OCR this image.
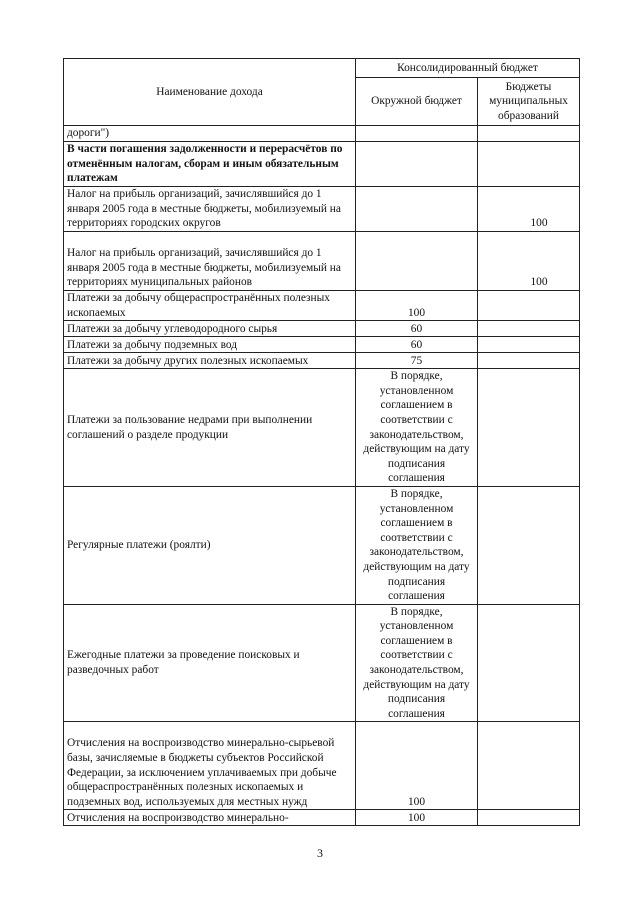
Наименование дохода	Консолидированный бюджет	
	Окружной бюджет	Бюджеты муниципальных образований
дороги")		
В части погашения задолженности и перерасчётов по отменённым налогам, сборам и иным обязательным платежам		
Налог на прибыль организаций, зачислявшийся до 1 января 2005 года в местные бюджеты, мобилизуемый на территориях городских округов		100
Налог на прибыль организаций, зачислявшийся до 1 января 2005 года в местные бюджеты, мобилизуемый на территориях муниципальных районов		100
Платежи за добычу общераспространённых полезных ископаемых	100	
Платежи за добычу углеводородного сырья	60	
Платежи за добычу подземных вод	60	
Платежи за добычу других полезных ископаемых	75	
Платежи за пользование недрами при выполнении соглашений о разделе продукции	В порядке, установленном соглашением в соответствии с законодательством, действующим на дату подписания соглашения	
Регулярные платежи (роялти)	В порядке, установленном соглашением в соответствии с законодательством, действующим на дату подписания соглашения	
Ежегодные платежи за проведение поисковых и разведочных работ	В порядке, установленном соглашением в соответствии с законодательством, действующим на дату подписания соглашения	
Отчисления на воспроизводство минерально-сырьевой базы, зачисляемые в бюджеты субъектов Российской Федерации, за исключением уплачиваемых при добыче общераспространённых полезных ископаемых и подземных вод, используемых для местных нужд	100	
Отчисления на воспроизводство минерально-	100	
3
